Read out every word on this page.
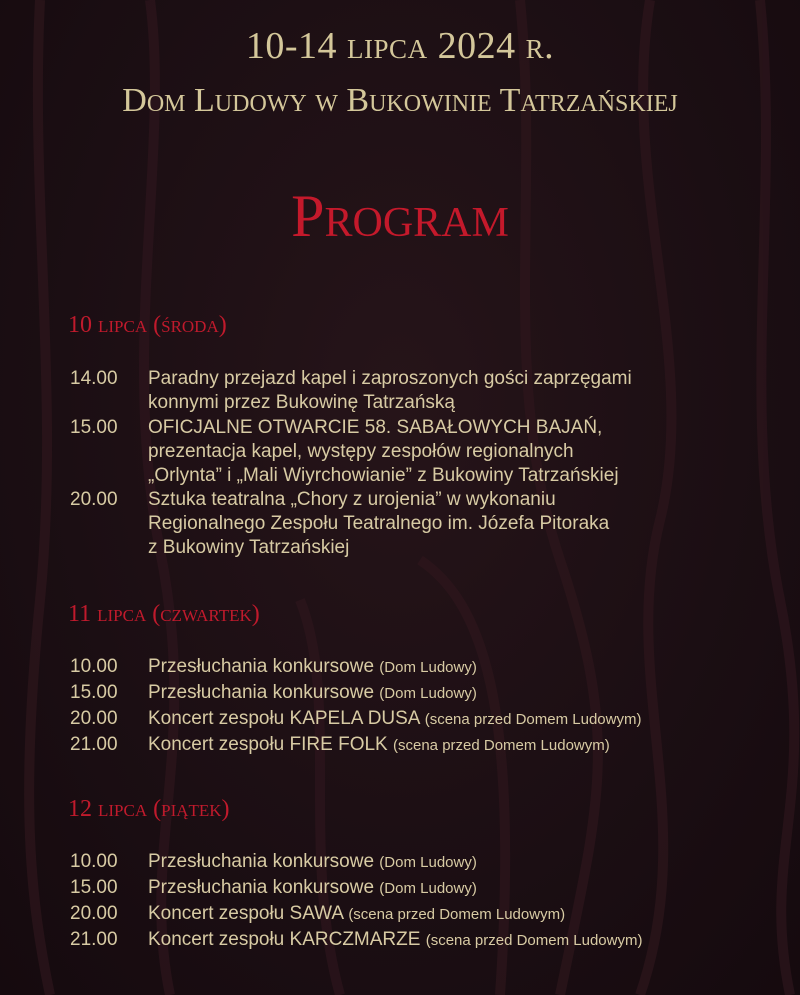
10-14 lipca 2024 r.
Dom Ludowy w Bukowinie Tatrzańskiej
Program
10 lipca (środa)
14.00	Paradny przejazd kapel i zaproszonych gości zaprzęgami
konnymi przez Bukowinę Tatrzańską
15.00	OFICJALNE OTWARCIE 58. SABAŁOWYCH BAJAŃ,
prezentacja kapel, występy zespołów regionalnych
„Orlynta” i „Mali Wiyrchowianie” z Bukowiny Tatrzańskiej
20.00	Sztuka teatralna „Chory z urojenia” w wykonaniu
Regionalnego Zespołu Teatralnego im. Józefa Pitoraka
z Bukowiny Tatrzańskiej
11 lipca (czwartek)
10.00	Przesłuchania konkursowe (Dom Ludowy)
15.00	Przesłuchania konkursowe (Dom Ludowy)
20.00	Koncert zespołu KAPELA DUSA (scena przed Domem Ludowym)
21.00	Koncert zespołu FIRE FOLK (scena przed Domem Ludowym)
12 lipca (piątek)
10.00	Przesłuchania konkursowe (Dom Ludowy)
15.00	Przesłuchania konkursowe (Dom Ludowy)
20.00	Koncert zespołu SAWA (scena przed Domem Ludowym)
21.00	Koncert zespołu KARCZMARZE (scena przed Domem Ludowym)
